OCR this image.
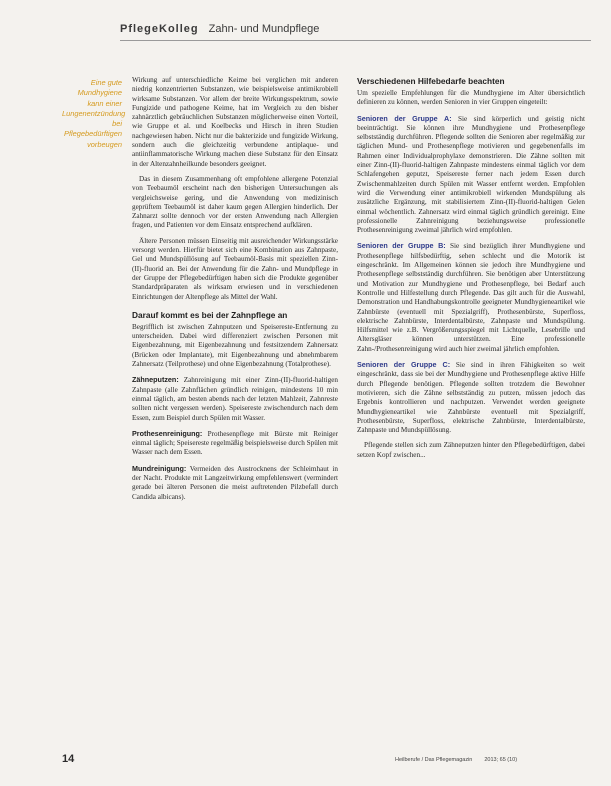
PflegeKolleg Zahn- und Mundpflege
Eine gute Mundhygiene kann einer Lungenentzündung bei Pflegebedürftigen vorbeugen

Wirkung auf unterschiedliche Keime bei verglichen mit anderen niedrig konzentrierten Substanzen, wie beispielsweise antimikrobiell wirksame Substanzen. Vor allem der breite Wirkungsspektrum, sowie Fungizide und pathogene Keime, hat im Vergleich zu den bisher zahnärztlich gebräuchlichen Substanzen möglicherweise einen Vorteil, wie Gruppe et al. und Koelbecks und Hirsch in ihren Studien nachgewiesen haben. Nicht nur die bakterizide und fungizide Wirkung, sondern auch die gleichzeitig verbundene antiplaque- und antiinflammatorische Wirkung machen diese Substanz für den Einsatz in der Altenzahnheilkunde besonders geeignet.

Das in diesem Zusammenhang oft empfohlene allergene Potenzial von Teebaumöl erscheint nach den bisherigen Untersuchungen als vergleichsweise gering, und die Anwendung von medizinisch geprüftem Teebaumöl ist daher kaum gegen Allergien hinderlich. Der Zahnarzt sollte dennoch vor der ersten Anwendung nach Allergien fragen, und Patienten vor dem Einsatz entsprechend aufklären.

Ältere Personen müssen Einseitig mit ausreichender Wirkungsstärke versorgt werden. Hierfür bietet sich eine Kombination aus Zahnpaste, Gel und Mundspüllösung auf Teebaumöl-Basis mit speziellen Zinn-(II)-fluorid an. Bei der Anwendung für die Zahn- und Mundpflege in der Gruppe der Pflegebedürftigen haben sich die Produkte gegenüber Standardpräparaten als wirksam erwiesen und in verschiedenen Einrichtungen der Altenpflege als Mittel der Wahl.

Darauf kommt es bei der Zahnpflege an

Begrifflich ist zwischen Zahnputzen und Speisereste-Entfernung zu unterscheiden. Dabei wird differenziert zwischen Personen mit Eigenbezahnung, mit Eigenbezahnung und festsitzendem Zahnersatz (Brücken oder Implantate), mit Eigenbezahnung und abnehmbarem Zahnersatz (Teilprothese) und ohne Eigenbezahnung (Totalprothese).

Zähneputzen: Zahnreinigung mit einer Zinn-(II)-fluorid-haltigen Zahnpaste (alle Zahnflächen gründlich reinigen, mindestens 10 min einmal täglich, am besten abends nach der letzten Mahlzeit, Zahnreste sollten nicht vergessen werden). Speisereste zwischendurch nach dem Essen, zum Beispiel durch Spülen mit Wasser.

Prothesenreinigung: Prothesenpflege mit Bürste mit Reiniger einmal täglich; Speisereste regelmäßig beispielsweise durch Spülen mit Wasser nach dem Essen.

Mundreinigung: Vermeiden des Austrocknens der Schleimhaut in der Nacht. Produkte mit Langzeitwirkung empfehlenswert (vermindert gerade bei älteren Personen die meist auftretenden Pilzbefall durch Candida albicans).

Verschiedenen Hilfebedarfe beachten

Um spezielle Empfehlungen für die Mundhygiene im Alter übersichtlich definieren zu können, werden Senioren in vier Gruppen eingeteilt:

Senioren der Gruppe A: Sie sind körperlich und geistig nicht beeinträchtigt. Sie können ihre Mundhygiene und Prothesenpflege selbstständig durchführen. Pflegende sollten die Senioren aber regelmäßig zur täglichen Mund- und Prothesenpflege motivieren und gegebenenfalls im Rahmen einer Individualprophylaxe demonstrieren. Die Zähne sollten mit einer Zinn-(II)-fluorid-haltigen Zahnpaste mindestens einmal täglich vor dem Schlafengehen geputzt, Speisereste ferner nach jedem Essen durch Zwischenmahlzeiten durch Spülen mit Wasser entfernt werden. Empfohlen wird die Verwendung einer antimikrobiell wirkenden Mundspülung als zusätzliche Ergänzung, mit stabilisiertem Zinn-(II)-fluorid-haltigen Gelen einmal wöchentlich. Zahnersatz wird einmal täglich gründlich gereinigt. Eine professionelle Zahnreinigung beziehungsweise professionelle Prothesenreinigung zweimal jährlich wird empfohlen.

Senioren der Gruppe B: Sie sind bezüglich ihrer Mundhygiene und Prothesenpflege hilfsbedürftig, sehen schlecht und die Motorik ist eingeschränkt. Im Allgemeinen können sie jedoch ihre Mundhygiene und Prothesenpflege selbstständig durchführen. Sie benötigen aber Unterstützung und Motivation zur Mundhygiene und Prothesenpflege, bei Bedarf auch Kontrolle und Hilfestellung durch Pflegende. Das gilt auch für die Auswahl, Demonstration und Handhabungskontrolle geeigneter Mundhygieneartikel wie Zahnbürste (eventuell mit Spezialgriff), Prothesenbürste, Superfloss, elektrische Zahnbürste, Interdentalbürste, Zahnpaste und Mundspülung. Hilfsmittel wie z.B. Vergrößerungsspiegel mit Lichtquelle, Lesebrille und Altersgläser können unterstützen. Eine professionelle Zahn-/Prothesenreinigung wird auch hier zweimal jährlich empfohlen.

Senioren der Gruppe C: Sie sind in ihren Fähigkeiten so weit eingeschränkt, dass sie bei der Mundhygiene und Prothesenpflege aktive Hilfe durch Pflegende benötigen. Pflegende sollten trotzdem die Bewohner motivieren, sich die Zähne selbstständig zu putzen, müssen jedoch das Ergebnis kontrollieren und nachputzen. Verwendet werden geeignete Mundhygieneartikel wie Zahnbürste eventuell mit Spezialgriff, Prothesenbürste, Superfloss, elektrische Zahnbürste, Interdentalbürste, Zahnpaste und Mundspüllösung.

Pflegende stellen sich zum Zähneputzen hinter den Pflegebedürftigen, dabei setzen Kopf zwischen...

14	Heilberufe / Das Pflegemagazin 2013; 65 (10)
